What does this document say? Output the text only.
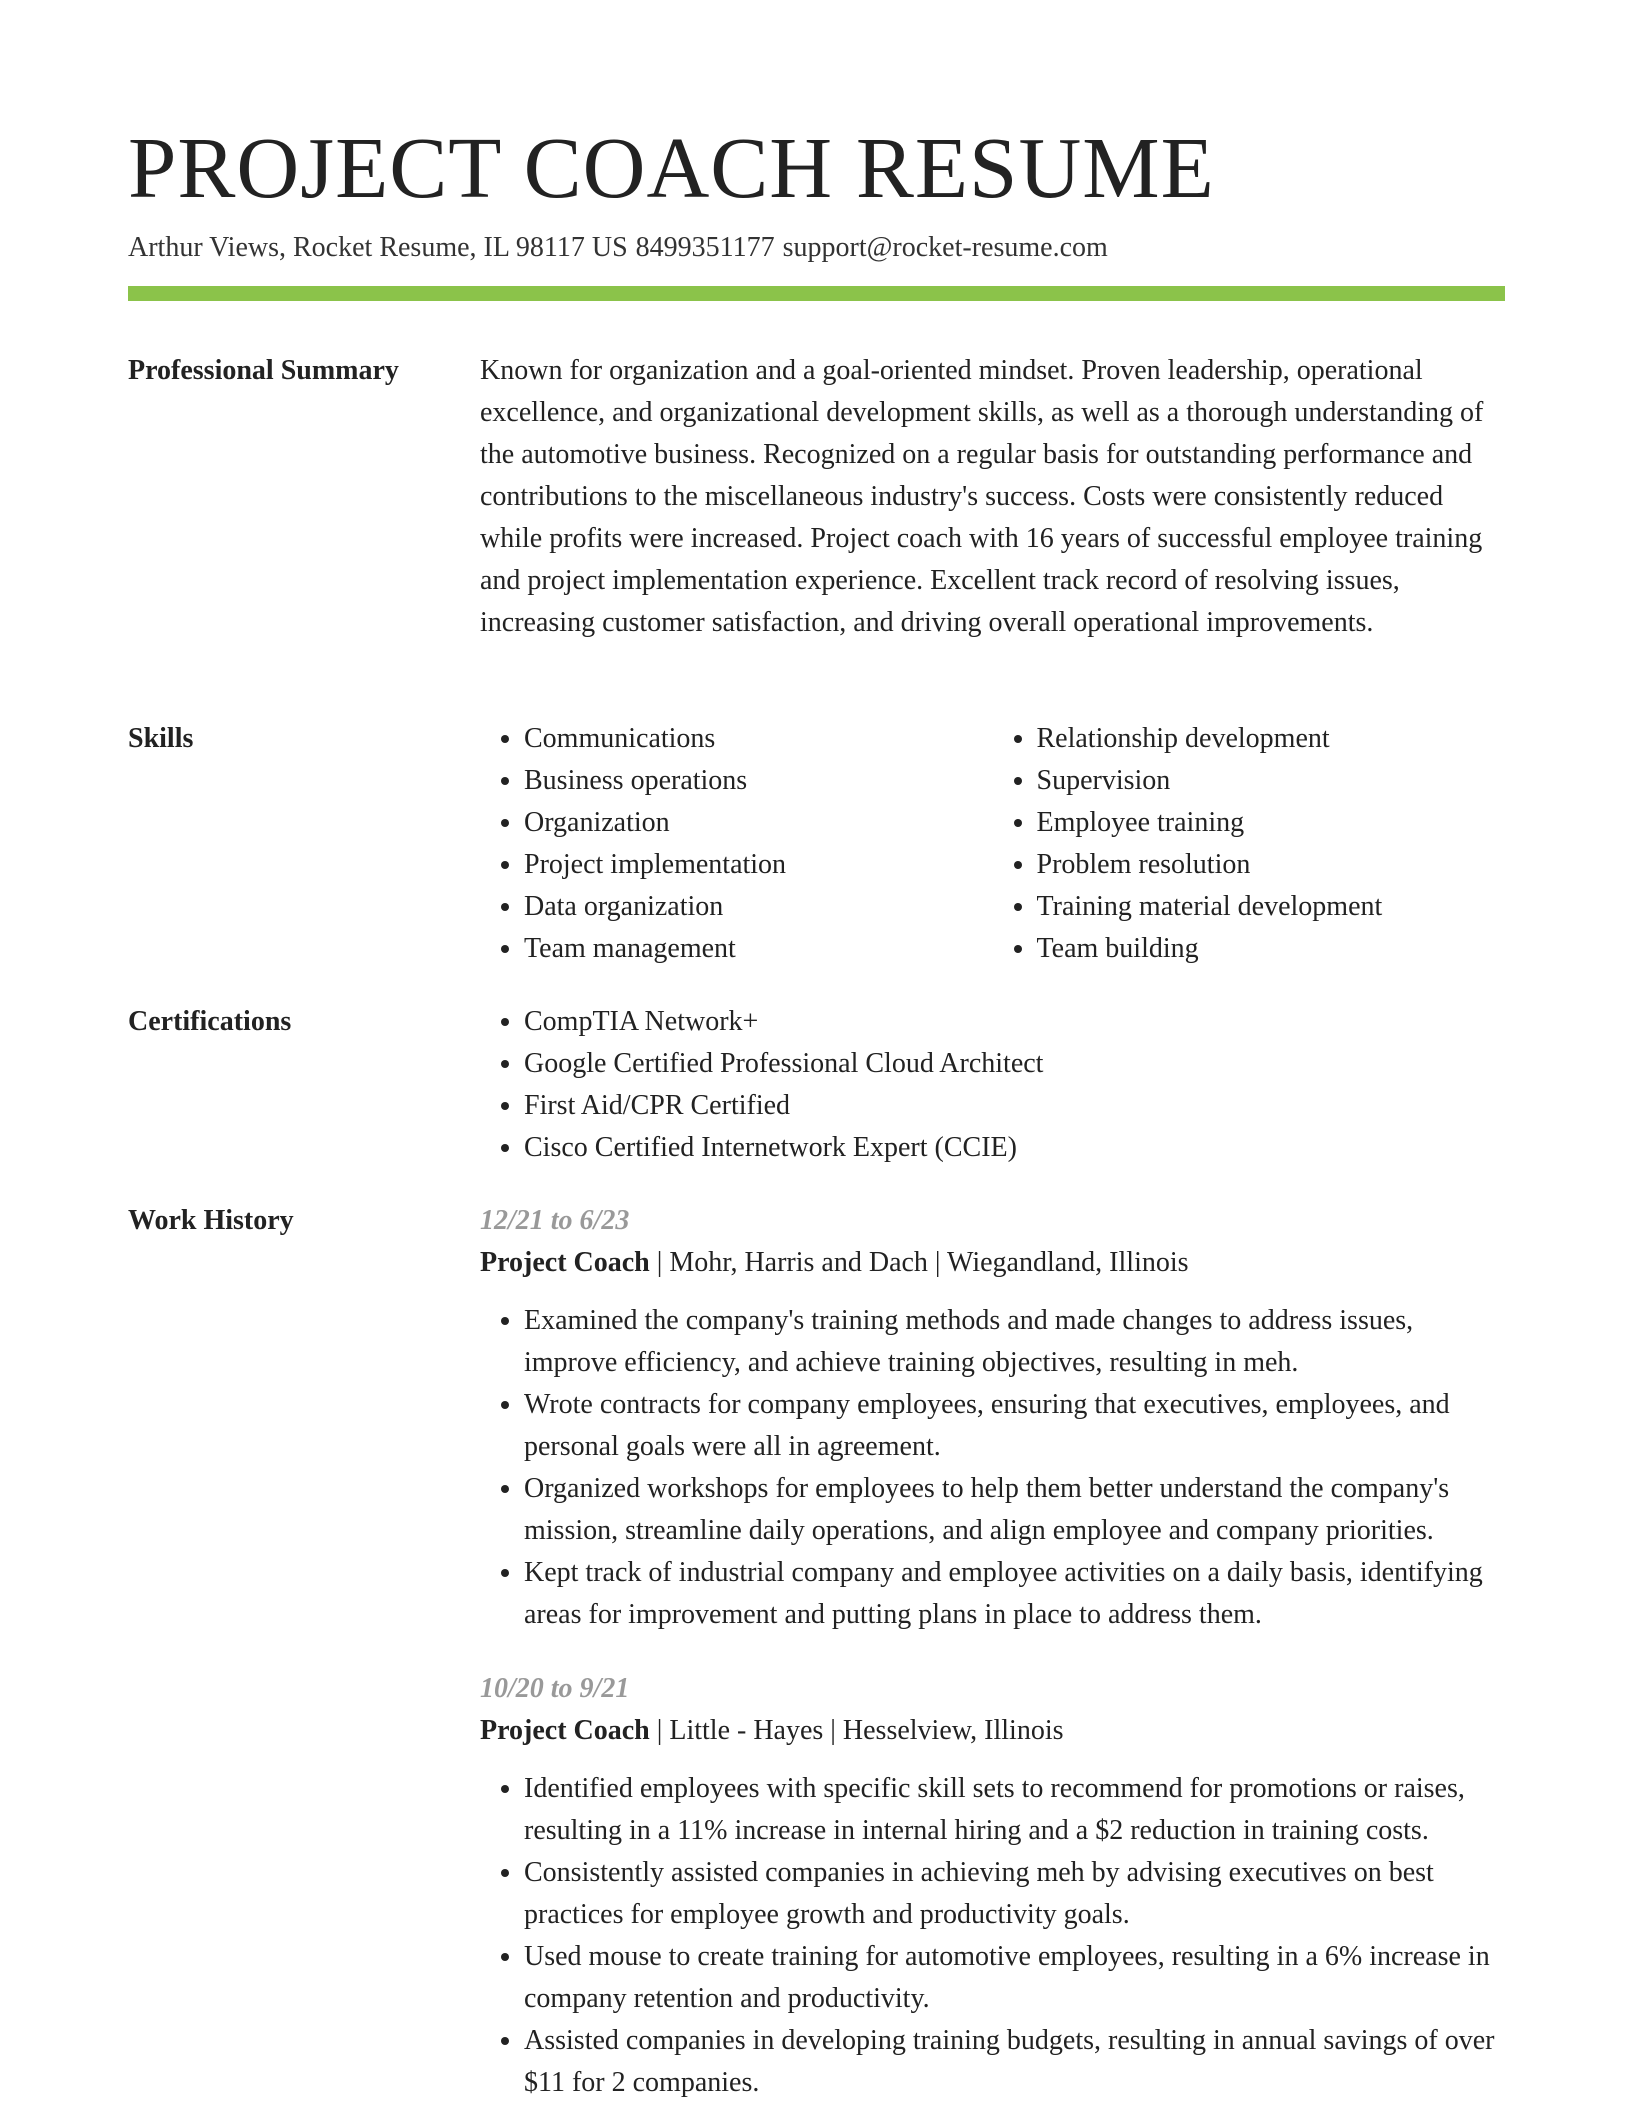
PROJECT COACH RESUME
Arthur Views, Rocket Resume, IL 98117 US 8499351177 support@rocket-resume.com
Professional Summary	Known for organization and a goal-oriented mindset. Proven leadership, operational excellence, and organizational development skills, as well as a thorough understanding of the automotive business. Recognized on a regular basis for outstanding performance and contributions to the miscellaneous industry's success. Costs were consistently reduced while profits were increased. Project coach with 16 years of successful employee training and project implementation experience. Excellent track record of resolving issues, increasing customer satisfaction, and driving overall operational improvements.
Skills	• Communications
• Business operations
• Organization
• Project implementation
• Data organization
• Team management
• Relationship development
• Supervision
• Employee training
• Problem resolution
• Training material development
• Team building
Certifications	• CompTIA Network+
• Google Certified Professional Cloud Architect
• First Aid/CPR Certified
• Cisco Certified Internetwork Expert (CCIE)
Work History	12/21 to 6/23
Project Coach | Mohr, Harris and Dach | Wiegandland, Illinois
• Examined the company's training methods and made changes to address issues, improve efficiency, and achieve training objectives, resulting in meh.
• Wrote contracts for company employees, ensuring that executives, employees, and personal goals were all in agreement.
• Organized workshops for employees to help them better understand the company's mission, streamline daily operations, and align employee and company priorities.
• Kept track of industrial company and employee activities on a daily basis, identifying areas for improvement and putting plans in place to address them.
10/20 to 9/21
Project Coach | Little - Hayes | Hesselview, Illinois
• Identified employees with specific skill sets to recommend for promotions or raises, resulting in a 11% increase in internal hiring and a $2 reduction in training costs.
• Consistently assisted companies in achieving meh by advising executives on best practices for employee growth and productivity goals.
• Used mouse to create training for automotive employees, resulting in a 6% increase in company retention and productivity.
• Assisted companies in developing training budgets, resulting in annual savings of over $11 for 2 companies.
